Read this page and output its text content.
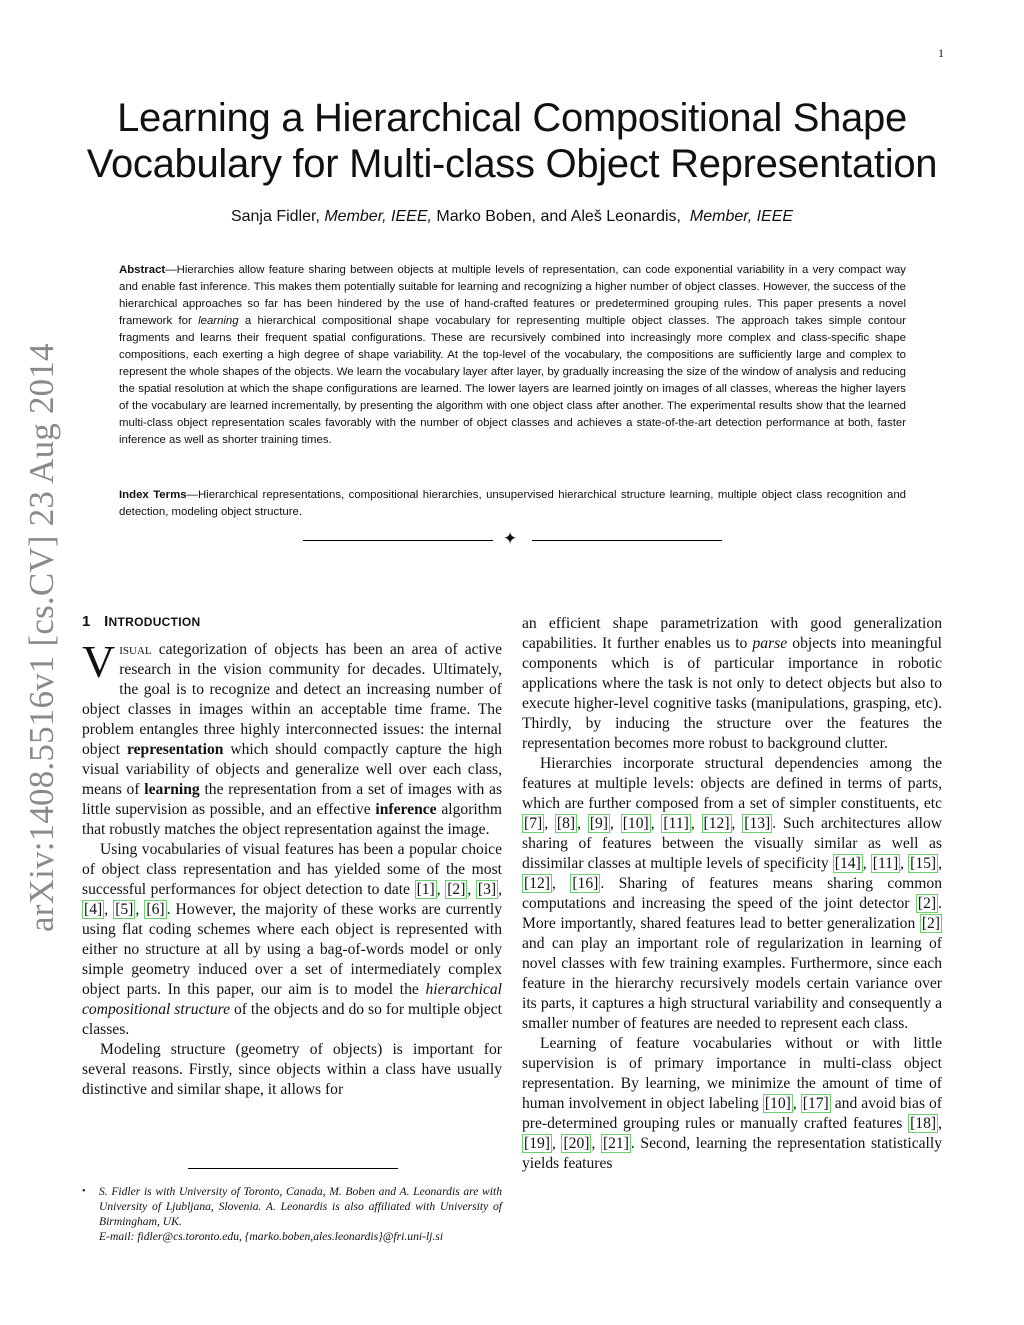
1
arXiv:1408.5516v1 [cs.CV] 23 Aug 2014
Learning a Hierarchical Compositional Shape
Vocabulary for Multi-class Object Representation
Sanja Fidler, Member, IEEE, Marko Boben, and Aleš Leonardis, Member, IEEE
Abstract—Hierarchies allow feature sharing between objects at multiple levels of representation, can code exponential variability in a very compact way and enable fast inference. This makes them potentially suitable for learning and recognizing a higher number of object classes. However, the success of the hierarchical approaches so far has been hindered by the use of hand-crafted features or predetermined grouping rules. This paper presents a novel framework for learning a hierarchical compositional shape vocabulary for representing multiple object classes. The approach takes simple contour fragments and learns their frequent spatial configurations. These are recursively combined into increasingly more complex and class-specific shape compositions, each exerting a high degree of shape variability. At the top-level of the vocabulary, the compositions are sufficiently large and complex to represent the whole shapes of the objects. We learn the vocabulary layer after layer, by gradually increasing the size of the window of analysis and reducing the spatial resolution at which the shape configurations are learned. The lower layers are learned jointly on images of all classes, whereas the higher layers of the vocabulary are learned incrementally, by presenting the algorithm with one object class after another. The experimental results show that the learned multi-class object representation scales favorably with the number of object classes and achieves a state-of-the-art detection performance at both, faster inference as well as shorter training times.
Index Terms—Hierarchical representations, compositional hierarchies, unsupervised hierarchical structure learning, multiple object class recognition and detection, modeling object structure.
✦
1 INTRODUCTION

Visual categorization of objects has been an area of active research in the vision community for decades. Ultimately, the goal is to recognize and detect an increasing number of object classes in images within an acceptable time frame. The problem entangles three highly interconnected issues: the internal object representation which should compactly capture the high visual variability of objects and generalize well over each class, means of learning the representation from a set of images with as little supervision as possible, and an effective inference algorithm that robustly matches the object representation against the image.

Using vocabularies of visual features has been a popular choice of object class representation and has yielded some of the most successful performances for object detection to date [1] , [2] , [3] , [4] , [5] , [6] . However, the majority of these works are currently using flat coding schemes where each object is represented with either no structure at all by using a bag-of-words model or only simple geometry induced over a set of intermediately complex object parts. In this paper, our aim is to model the hierarchical compositional structure of the objects and do so for multiple object classes.

Modeling structure (geometry of objects) is important for several reasons. Firstly, since objects within a class have usually distinctive and similar shape, it allows for

an efficient shape parametrization with good generalization capabilities. It further enables us to parse objects into meaningful components which is of particular importance in robotic applications where the task is not only to detect objects but also to execute higher-level cognitive tasks (manipulations, grasping, etc). Thirdly, by inducing the structure over the features the representation becomes more robust to background clutter.

Hierarchies incorporate structural dependencies among the features at multiple levels: objects are defined in terms of parts, which are further composed from a set of simpler constituents, etc [7] , [8] , [9] , [10] , [11] , [12] , [13] . Such architectures allow sharing of features between the visually similar as well as dissimilar classes at multiple levels of specificity [14] , [11] , [15] , [12] , [16] . Sharing of features means sharing common computations and increasing the speed of the joint detector [2] . More importantly, shared features lead to better generalization [2] and can play an important role of regularization in learning of novel classes with few training examples. Furthermore, since each feature in the hierarchy recursively models certain variance over its parts, it captures a high structural variability and consequently a smaller number of features are needed to represent each class.

Learning of feature vocabularies without or with little supervision is of primary importance in multi-class object representation. By learning, we minimize the amount of time of human involvement in object labeling [10] , [17] and avoid bias of pre-determined grouping rules or manually crafted features [18] , [19] , [20] , [21] . Second, learning the representation statistically yields features

•	S. Fidler is with University of Toronto, Canada, M. Boben and A. Leonardis are with University of Ljubljana, Slovenia. A. Leonardis is also affiliated with University of Birmingham, UK.
E-mail: fidler@cs.toronto.edu, {marko.boben,ales.leonardis}@fri.uni-lj.si
